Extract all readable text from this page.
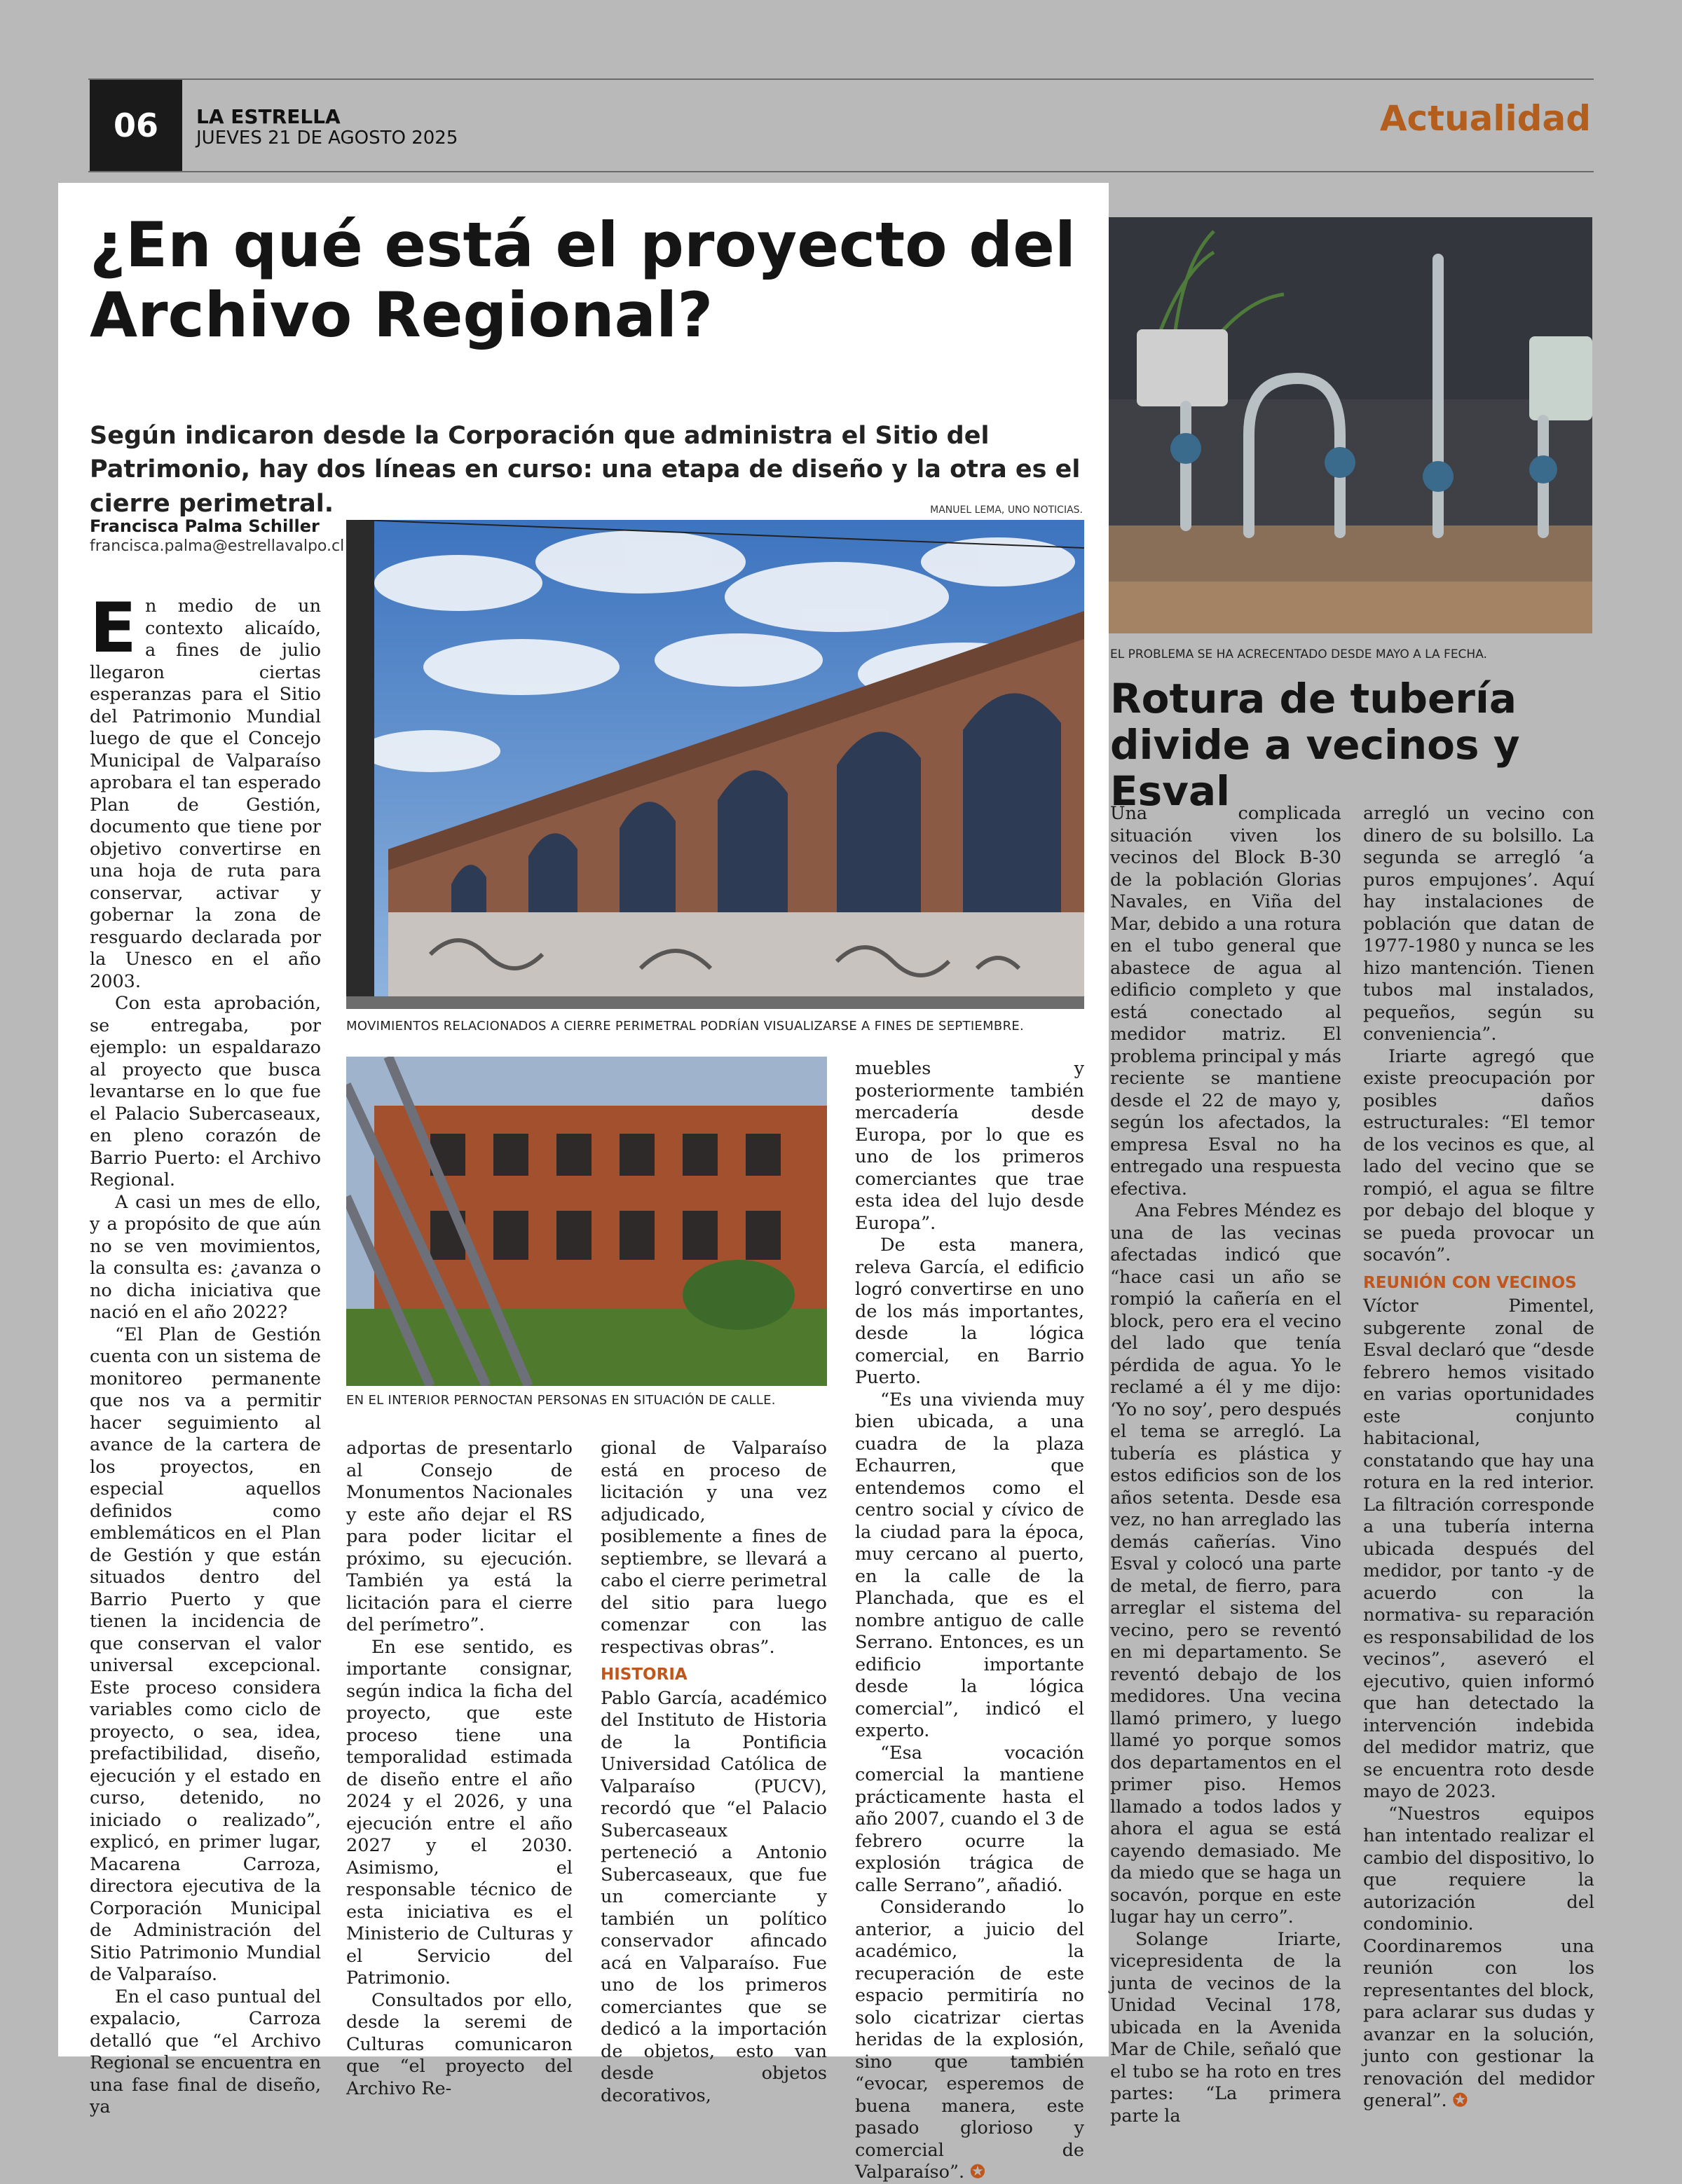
06	LA ESTRELLA
JUEVES 21 DE AGOSTO 2025	Actualidad
¿En qué está el proyecto del Archivo Regional?
Según indicaron desde la Corporación que administra el Sitio del Patrimonio, hay dos líneas en curso: una etapa de diseño y la otra es el cierre perimetral.
Francisca Palma Schiller
francisca.palma@estrellavalpo.cl
MANUEL LEMA, UNO NOTICIAS.
MOVIMIENTOS RELACIONADOS A CIERRE PERIMETRAL PODRÍAN VISUALIZARSE A FINES DE SEPTIEMBRE.
EN EL INTERIOR PERNOCTAN PERSONAS EN SITUACIÓN DE CALLE.

En medio de un contexto alicaído, a fines de julio llegaron ciertas esperanzas para el Sitio del Patrimonio Mundial luego de que el Concejo Municipal de Valparaíso aprobara el tan esperado Plan de Gestión, documento que tiene por objetivo convertirse en una hoja de ruta para conservar, activar y gobernar la zona de resguardo declarada por la Unesco en el año 2003.

Con esta aprobación, se entregaba, por ejemplo: un espaldarazo al proyecto que busca levantarse en lo que fue el Palacio Subercaseaux, en pleno corazón de Barrio Puerto: el Archivo Regional.

A casi un mes de ello, y a propósito de que aún no se ven movimientos, la consulta es: ¿avanza o no dicha iniciativa que nació en el año 2022?

“El Plan de Gestión cuenta con un sistema de monitoreo permanente que nos va a permitir hacer seguimiento al avance de la cartera de los proyectos, en especial aquellos definidos como emblemáticos en el Plan de Gestión y que están situados dentro del Barrio Puerto y que tienen la incidencia de que conservan el valor universal excepcional. Este proceso considera variables como ciclo de proyecto, o sea, idea, prefactibilidad, diseño, ejecución y el estado en curso, detenido, no iniciado o realizado”, explicó, en primer lugar, Macarena Carroza, directora ejecutiva de la Corporación Municipal de Administración del Sitio Patrimonio Mundial de Valparaíso.

En el caso puntual del expalacio, Carroza detalló que “el Archivo Regional se encuentra en una fase final de diseño, ya

adportas de presentarlo al Consejo de Monumentos Nacionales y este año dejar el RS para poder licitar el próximo, su ejecución. También ya está la licitación para el cierre del perímetro”.

En ese sentido, es importante consignar, según indica la ficha del proyecto, que este proceso tiene una temporalidad estimada de diseño entre el año 2024 y el 2026, y una ejecución entre el año 2027 y el 2030. Asimismo, el responsable técnico de esta iniciativa es el Ministerio de Culturas y el Servicio del Patrimonio.

Consultados por ello, desde la seremi de Culturas comunicaron que “el proyecto del Archivo Re-

gional de Valparaíso está en proceso de licitación y una vez adjudicado, posiblemente a fines de septiembre, se llevará a cabo el cierre perimetral del sitio para luego comenzar con las respectivas obras”.

HISTORIA

Pablo García, académico del Instituto de Historia de la Pontificia Universidad Católica de Valparaíso (PUCV), recordó que “el Palacio Subercaseaux perteneció a Antonio Subercaseaux, que fue un comerciante y también un político conservador afincado acá en Valparaíso. Fue uno de los primeros comerciantes que se dedicó a la importación de objetos, esto van desde objetos decorativos,

muebles y posteriormente también mercadería desde Europa, por lo que es uno de los primeros comerciantes que trae esta idea del lujo desde Europa”.

De esta manera, releva García, el edificio logró convertirse en uno de los más importantes, desde la lógica comercial, en Barrio Puerto.

“Es una vivienda muy bien ubicada, a una cuadra de la plaza Echaurren, que entendemos como el centro social y cívico de la ciudad para la época, muy cercano al puerto, en la calle de la Planchada, que es el nombre antiguo de calle Serrano. Entonces, es un edificio importante desde la lógica comercial”, indicó el experto.

“Esa vocación comercial la mantiene prácticamente hasta el año 2007, cuando el 3 de febrero ocurre la explosión trágica de calle Serrano”, añadió.

Considerando lo anterior, a juicio del académico, la recuperación de este espacio permitiría no solo cicatrizar ciertas heridas de la explosión, sino que también “evocar, esperemos de buena manera, este pasado glorioso y comercial de Valparaíso”. ✪

EL PROBLEMA SE HA ACRECENTADO DESDE MAYO A LA FECHA.
Rotura de tubería divide a vecinos y Esval

Una complicada situación viven los vecinos del Block B-30 de la población Glorias Navales, en Viña del Mar, debido a una rotura en el tubo general que abastece de agua al edificio completo y que está conectado al medidor matriz. El problema principal y más reciente se mantiene desde el 22 de mayo y, según los afectados, la empresa Esval no ha entregado una respuesta efectiva.

Ana Febres Méndez es una de las vecinas afectadas indicó que “hace casi un año se rompió la cañería en el block, pero era el vecino del lado que tenía pérdida de agua. Yo le reclamé a él y me dijo: ‘Yo no soy’, pero después el tema se arregló. La tubería es plástica y estos edificios son de los años setenta. Desde esa vez, no han arreglado las demás cañerías. Vino Esval y colocó una parte de metal, de fierro, para arreglar el sistema del vecino, pero se reventó en mi departamento. Se reventó debajo de los medidores. Una vecina llamó primero, y luego llamé yo porque somos dos departamentos en el primer piso. Hemos llamado a todos lados y ahora el agua se está cayendo demasiado. Me da miedo que se haga un socavón, porque en este lugar hay un cerro”.

Solange Iriarte, vicepresidenta de la junta de vecinos de la Unidad Vecinal 178, ubicada en la Avenida Mar de Chile, señaló que el tubo se ha roto en tres partes: “La primera parte la

arregló un vecino con dinero de su bolsillo. La segunda se arregló ‘a puros empujones’. Aquí hay instalaciones de población que datan de 1977-1980 y nunca se les hizo mantención. Tienen tubos mal instalados, pequeños, según su conveniencia”.

Iriarte agregó que existe preocupación por posibles daños estructurales: “El temor de los vecinos es que, al lado del vecino que se rompió, el agua se filtre por debajo del bloque y se pueda provocar un socavón”.

REUNIÓN CON VECINOS

Víctor Pimentel, subgerente zonal de Esval declaró que “desde febrero hemos visitado en varias oportunidades este conjunto habitacional, constatando que hay una rotura en la red interior. La filtración corresponde a una tubería interna ubicada después del medidor, por tanto -y de acuerdo con la normativa- su reparación es responsabilidad de los vecinos”, aseveró el ejecutivo, quien informó que han detectado la intervención indebida del medidor matriz, que se encuentra roto desde mayo de 2023.

“Nuestros equipos han intentado realizar el cambio del dispositivo, lo que requiere la autorización del condominio. Coordinaremos una reunión con los representantes del block, para aclarar sus dudas y avanzar en la solución, junto con gestionar la renovación del medidor general”. ✪
